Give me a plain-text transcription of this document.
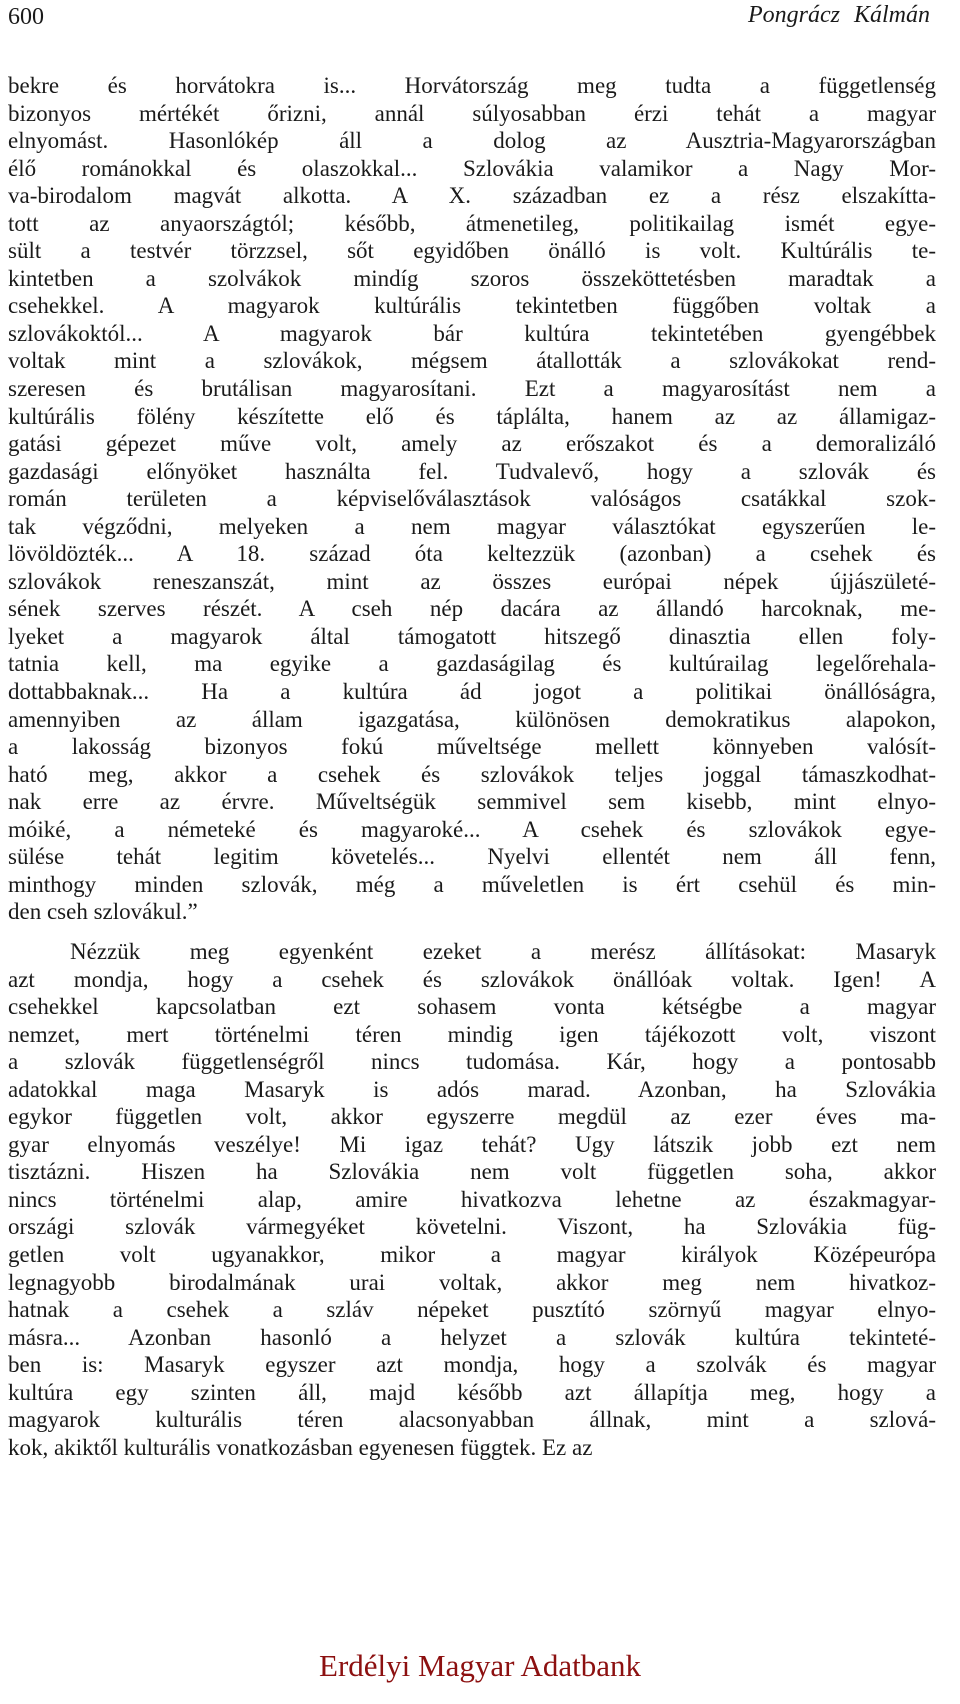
600	Pongrácz Kálmán
bekre és horvátokra is... Horvátország meg tudta a függetlenség
bizonyos mértékét őrizni, annál súlyosabban érzi tehát a magyar
elnyomást. Hasonlókép áll a dolog az Ausztria-Magyarországban
élő románokkal és olaszokkal... Szlovákia valamikor a Nagy Mor-
va-birodalom magvát alkotta. A X. században ez a rész elszakítta-
tott az anyaországtól; később, átmenetileg, politikailag ismét egye-
sült a testvér törzzsel, sőt egyidőben önálló is volt. Kultúrális te-
kintetben a szolvákok mindíg szoros összeköttetésben maradtak a
csehekkel. A magyarok kultúrális tekintetben függőben voltak a
szlovákoktól... A magyarok bár kultúra tekintetében gyengébbek
voltak mint a szlovákok, mégsem átallották a szlovákokat rend-
szeresen és brutálisan magyarosítani. Ezt a magyarosítást nem a
kultúrális fölény készítette elő és táplálta, hanem az az államigaz-
gatási gépezet műve volt, amely az erőszakot és a demoralizáló
gazdasági előnyöket használta fel. Tudvalevő, hogy a szlovák és
román területen a képviselőválasztások valóságos csatákkal szok-
tak végződni, melyeken a nem magyar választókat egyszerűen le-
lövöldözték... A 18. század óta keltezzük (azonban) a csehek és
szlovákok reneszanszát, mint az összes európai népek újjászületé-
sének szerves részét. A cseh nép dacára az állandó harcoknak, me-
lyeket a magyarok által támogatott hitszegő dinasztia ellen foly-
tatnia kell, ma egyike a gazdaságilag és kultúrailag legelőrehala-
dottabbaknak... Ha a kultúra ád jogot a politikai önállóságra,
amennyiben az állam igazgatása, különösen demokratikus alapokon,
a lakosság bizonyos fokú műveltsége mellett könnyeben valósít-
ható meg, akkor a csehek és szlovákok teljes joggal támaszkodhat-
nak erre az érvre. Műveltségük semmivel sem kisebb, mint elnyo-
móiké, a németeké és magyaroké... A csehek és szlovákok egye-
sülése tehát legitim követelés... Nyelvi ellentét nem áll fenn,
minthogy minden szlovák, még a műveletlen is ért csehül és min-
den cseh szlovákul.”
Nézzük meg egyenként ezeket a merész állításokat: Masaryk
azt mondja, hogy a csehek és szlovákok önállóak voltak. Igen! A
csehekkel kapcsolatban ezt sohasem vonta kétségbe a magyar
nemzet, mert történelmi téren mindig igen tájékozott volt, viszont
a szlovák függetlenségről nincs tudomása. Kár, hogy a pontosabb
adatokkal maga Masaryk is adós marad. Azonban, ha Szlovákia
egykor független volt, akkor egyszerre megdül az ezer éves ma-
gyar elnyomás veszélye! Mi igaz tehát? Ugy látszik jobb ezt nem
tisztázni. Hiszen ha Szlovákia nem volt független soha, akkor
nincs történelmi alap, amire hivatkozva lehetne az északmagyar-
országi szlovák vármegyéket követelni. Viszont, ha Szlovákia füg-
getlen volt ugyanakkor, mikor a magyar királyok Középeurópa
legnagyobb birodalmának urai voltak, akkor meg nem hivatkoz-
hatnak a csehek a szláv népeket pusztító szörnyű magyar elnyo-
másra... Azonban hasonló a helyzet a szlovák kultúra tekinteté-
ben is: Masaryk egyszer azt mondja, hogy a szolvák és magyar
kultúra egy szinten áll, majd később azt állapítja meg, hogy a
magyarok kulturális téren alacsonyabban állnak, mint a szlová-
kok, akiktől kulturális vonatkozásban egyenesen függtek. Ez az
Erdélyi Magyar Adatbank
